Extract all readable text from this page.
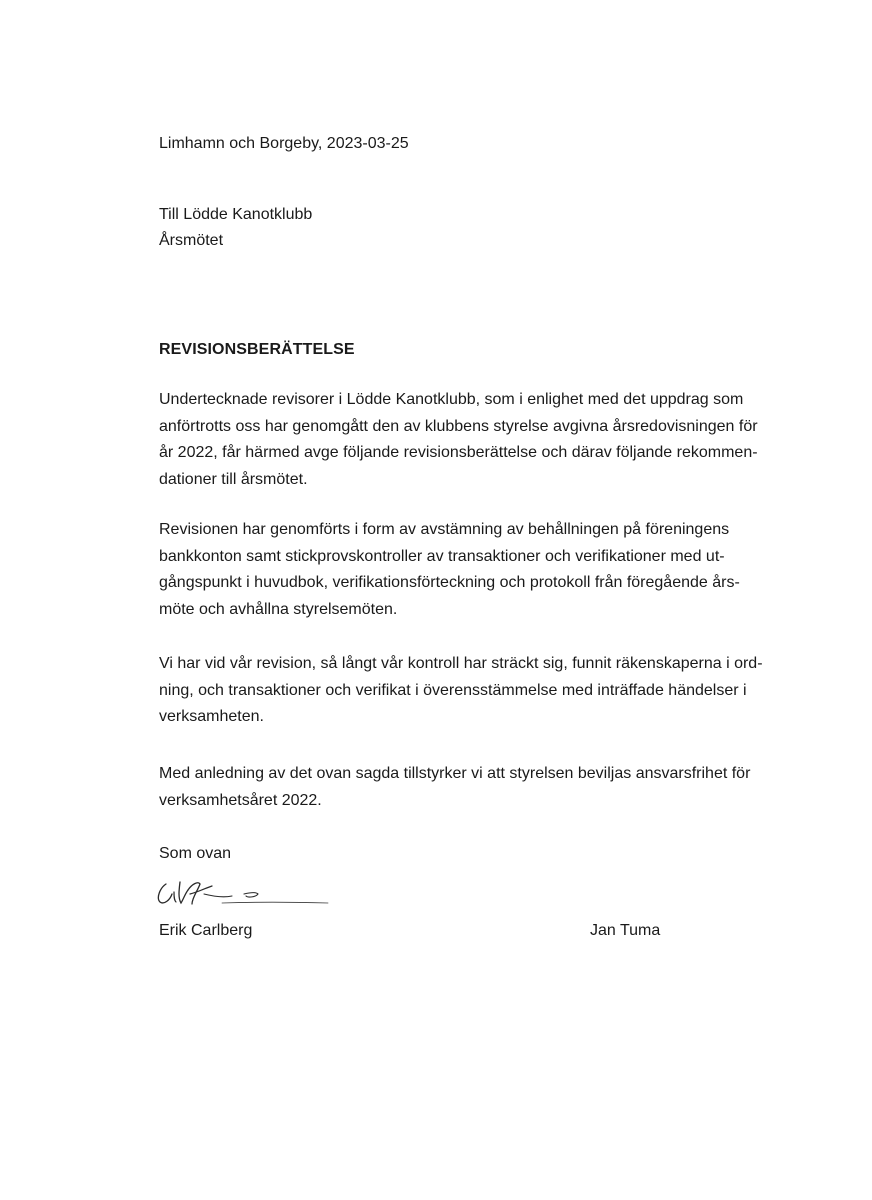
Limhamn och Borgeby, 2023-03-25
Till Lödde Kanotklubb
Årsmötet
REVISIONSBERÄTTELSE
Undertecknade revisorer i Lödde Kanotklubb, som i enlighet med det uppdrag som
anförtrotts oss har genomgått den av klubbens styrelse avgivna årsredovisningen för
år 2022, får härmed avge följande revisionsberättelse och därav följande rekommen-
dationer till årsmötet.
Revisionen har genomförts i form av avstämning av behållningen på föreningens
bankkonton samt stickprovskontroller av transaktioner och verifikationer med ut-
gångspunkt i huvudbok, verifikationsförteckning och protokoll från föregående års-
möte och avhållna styrelsemöten.
Vi har vid vår revision, så långt vår kontroll har sträckt sig, funnit räkenskaperna i ord-
ning, och transaktioner och verifikat i överensstämmelse med inträffade händelser i
verksamheten.
Med anledning av det ovan sagda tillstyrker vi att styrelsen beviljas ansvarsfrihet för
verksamhetsåret 2022.
Som ovan
Erik Carlberg	Jan Tuma
